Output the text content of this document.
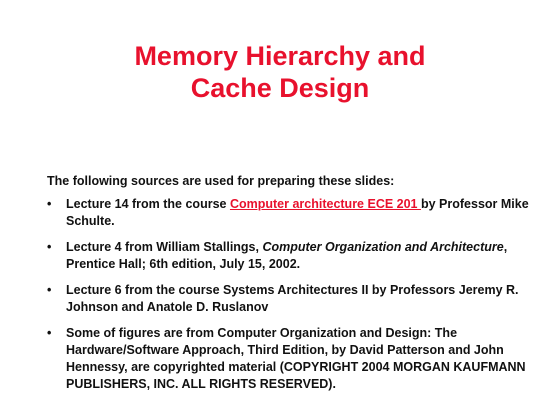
Memory Hierarchy and
Cache Design
The following sources are used for preparing these slides:
•	Lecture 14 from the course Computer architecture ECE 201 by Professor Mike Schulte.
•	Lecture 4 from William Stallings, Computer Organization and Architecture, Prentice Hall; 6th edition, July 15, 2002.
•	Lecture 6 from the course Systems Architectures II by Professors Jeremy R. Johnson and Anatole D. Ruslanov
•	Some of figures are from Computer Organization and Design: The Hardware/Software Approach, Third Edition, by David Patterson and John Hennessy, are copyrighted material (COPYRIGHT 2004 MORGAN KAUFMANN PUBLISHERS, INC. ALL RIGHTS RESERVED).
